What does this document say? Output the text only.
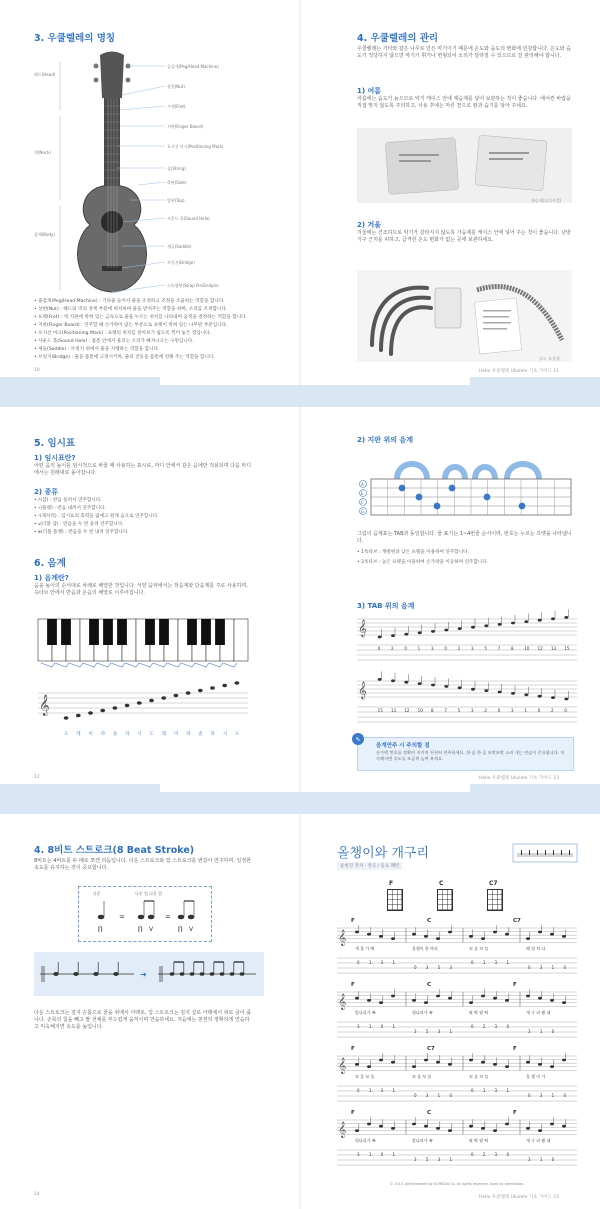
3. 우쿨렐레의 명칭
헤드(Head)
넥(Neck)
몸체(Body)
줄감개(Peg/Head Machine)
상현(Nut)
프렛(Fret)
지판(Finger Board)
포지션 마크(Positioning Mark)
줄(String)
측판(Side)
앞판(Top)
사운드 홀(Sound Hole)
새들(Saddle)
브릿지(Bridge)
스트랩핀(Strap Pin/Endpin)
• 줄감개(Peg/Head Machine) : 기타줄 들어서 줄을 조정하고 조정을 조율하는 역할을 합니다.
• 상현(Nut) : 헤드와 넥의 경계 부분에 위치하며 줄을 받쳐주는 역할을 하며, 소리를 조정합니다.
• 프렛(Fret) : 넥 지판에 박혀 있는 금속으로 줄을 누르는 위치를 나타내며 음정을 결정하는 역할을 합니다.
• 지판(Finger Board) : 연주할 때 손가락이 닿는 부분으로 프렛이 박혀 있는 나무판 부분입니다.
• 포지션 마크(Positioning Mark) : 프렛의 위치를 알아보기 쉽도록 찍어 놓은 점입니다.
• 사운드 홀(Sound Hole) : 몸통 안에서 울리는 소리가 빠져나오는 구멍입니다.
• 새들(Saddle) : 브릿지 위에서 줄을 지탱하는 역할을 합니다.
• 브릿지(Bridge) : 줄을 몸통에 고정시키며, 줄의 진동을 몸통에 전해 주는 역할을 합니다.
10
4. 우쿨렐레의 관리
우쿨렐레는 기타와 같은 나무로 만든 악기이기 때문에 온도와 습도의 변화에 민감합니다. 온도와 습도가 적당하지 않으면 악기가 휘거나 변형되어 소리가 달라질 수 있으므로 잘 관리해야 합니다.
1) 여름
여름에는 습도가 높으므로 악기 케이스 안에 제습제를 넣어 보관하는 것이 좋습니다. 에어컨 바람을 직접 맞지 않도록 주의하고, 사용 후에는 마른 천으로 땀과 습기를 닦아 주세요.
제습제(실리카겔)
2) 겨울
겨울에는 건조하므로 악기가 갈라지지 않도록 가습제를 케이스 안에 넣어 주는 것이 좋습니다. 난방기구 근처를 피하고, 급격한 온도 변화가 없는 곳에 보관하세요.
습도 조절제
Hello 우쿨렐레 Ukulele 기초 가이드 11
5. 임시표
1) 임시표란?
어떤 음의 높이를 임시적으로 바꿀 때 사용하는 표시로, 마디 안에서 같은 음에만 적용되며 다음 마디에서는 원래대로 돌아갑니다.
2) 종류
• ♯(샵) : 반음 올려서 연주합니다.
• ♭(플랫) : 반음 내려서 연주합니다.
• ♮(제자리) : 임시표의 효력을 없애고 원래 음으로 연주합니다.
• 𝄪(더블 샵) : 반음을 두 번 올려 연주합니다.
• 𝄫(더블 플랫) : 반음을 두 번 내려 연주합니다.
6. 음계
1) 음계란?
음을 높이의 순서대로 차례로 배열한 것입니다. 서양 음악에서는 장음계와 단음계를 주로 사용하며, 옥타브 안에서 반음과 온음의 배열로 이루어집니다.
𝄞
도 레 미 파 솔 라 시 도 레 미 파 솔 라 시 도
12
2) 지판 위의 음계
A
E
C
G
그림의 음계표는 TAB과 동일합니다. 줄 표기는 1~4번줄 순서이며, 번호는 누르는 프렛을 나타냅니다.
• 1옥타브 : 개방현과 낮은 프렛을 이용하여 연주합니다.
• 2옥타브 : 높은 프렛을 이용하여 손가락을 이동하며 연주합니다.
3) TAB 위의 음계
𝄞
0	2	0	1	3	0	2	3	5	7	8	10 12 13 15
𝄞
15 13 12 10 8	7	5	3	2	0	3	1	0	2	0
음계연주 시 주의할 점
손가락 번호를 정확히 지키며 천천히 연주하세요. 한 음 한 음 또박또박 소리 내는 연습이 중요합니다. 익숙해지면 속도를 조금씩 높여 보세요.
✎
Hello 우쿨렐레 Ukulele 기초 가이드 13
4. 8비트 스트로크(8 Beat Stroke)
8비트는 4비트를 두 배로 쪼갠 리듬입니다. 다운 스트로크와 업 스트로크를 번갈아 연주하며, 일정한 속도를 유지하는 것이 중요합니다.
=	=
∏	∏ V	∏ V
다운	다운 업 다운 업
➜
다운 스트로크는 검지 손톱으로 줄을 위에서 아래로, 업 스트로크는 검지 살로 아래에서 위로 긁어 줍니다. 손목의 힘을 빼고 팔 전체를 부드럽게 움직이며 연습하세요. 처음에는 천천히 정확하게 연습하고 익숙해지면 속도를 높입니다.
14
올챙이와 개구리
윤현진 작사 · 작곡 / 동요 패턴
F	C	C7
𝄞
F	C	C7
개 울 가 에	올챙이 한 마리	꼬 물 꼬 물	헤 엄 치 다
0 1 3 1
0 3 5 3
0 1 3 1
0 3 1 0
𝄞
F	C	F
앞다리가 쏙	뒷다리가 쏙	팔 딱 팔 딱	개 구 리 됐 네
3 1 0 1
3 5 3 1
0 2 3 0
3 1 0
𝄞
F	C7	F
꼬 물 꼬 물	꼬 물 꼬 물	꼬 물 꼬 물	올 챙 이 가
0 1 3 1
0 3 1 0
0 1 3 1
0 3 1 0
𝄞
F	C	F
뒷다리가 쏙	앞다리가 쏙	팔 딱 팔 딱	개 구 리 됐 네
3 1 0 1
3 5 3 1
0 2 3 0
3 1 0
© 2013. Administered by IS MEDIA Co. All rights reserved. Used by permission.
Hello 우쿨렐레 Ukulele 기초 가이드 15
